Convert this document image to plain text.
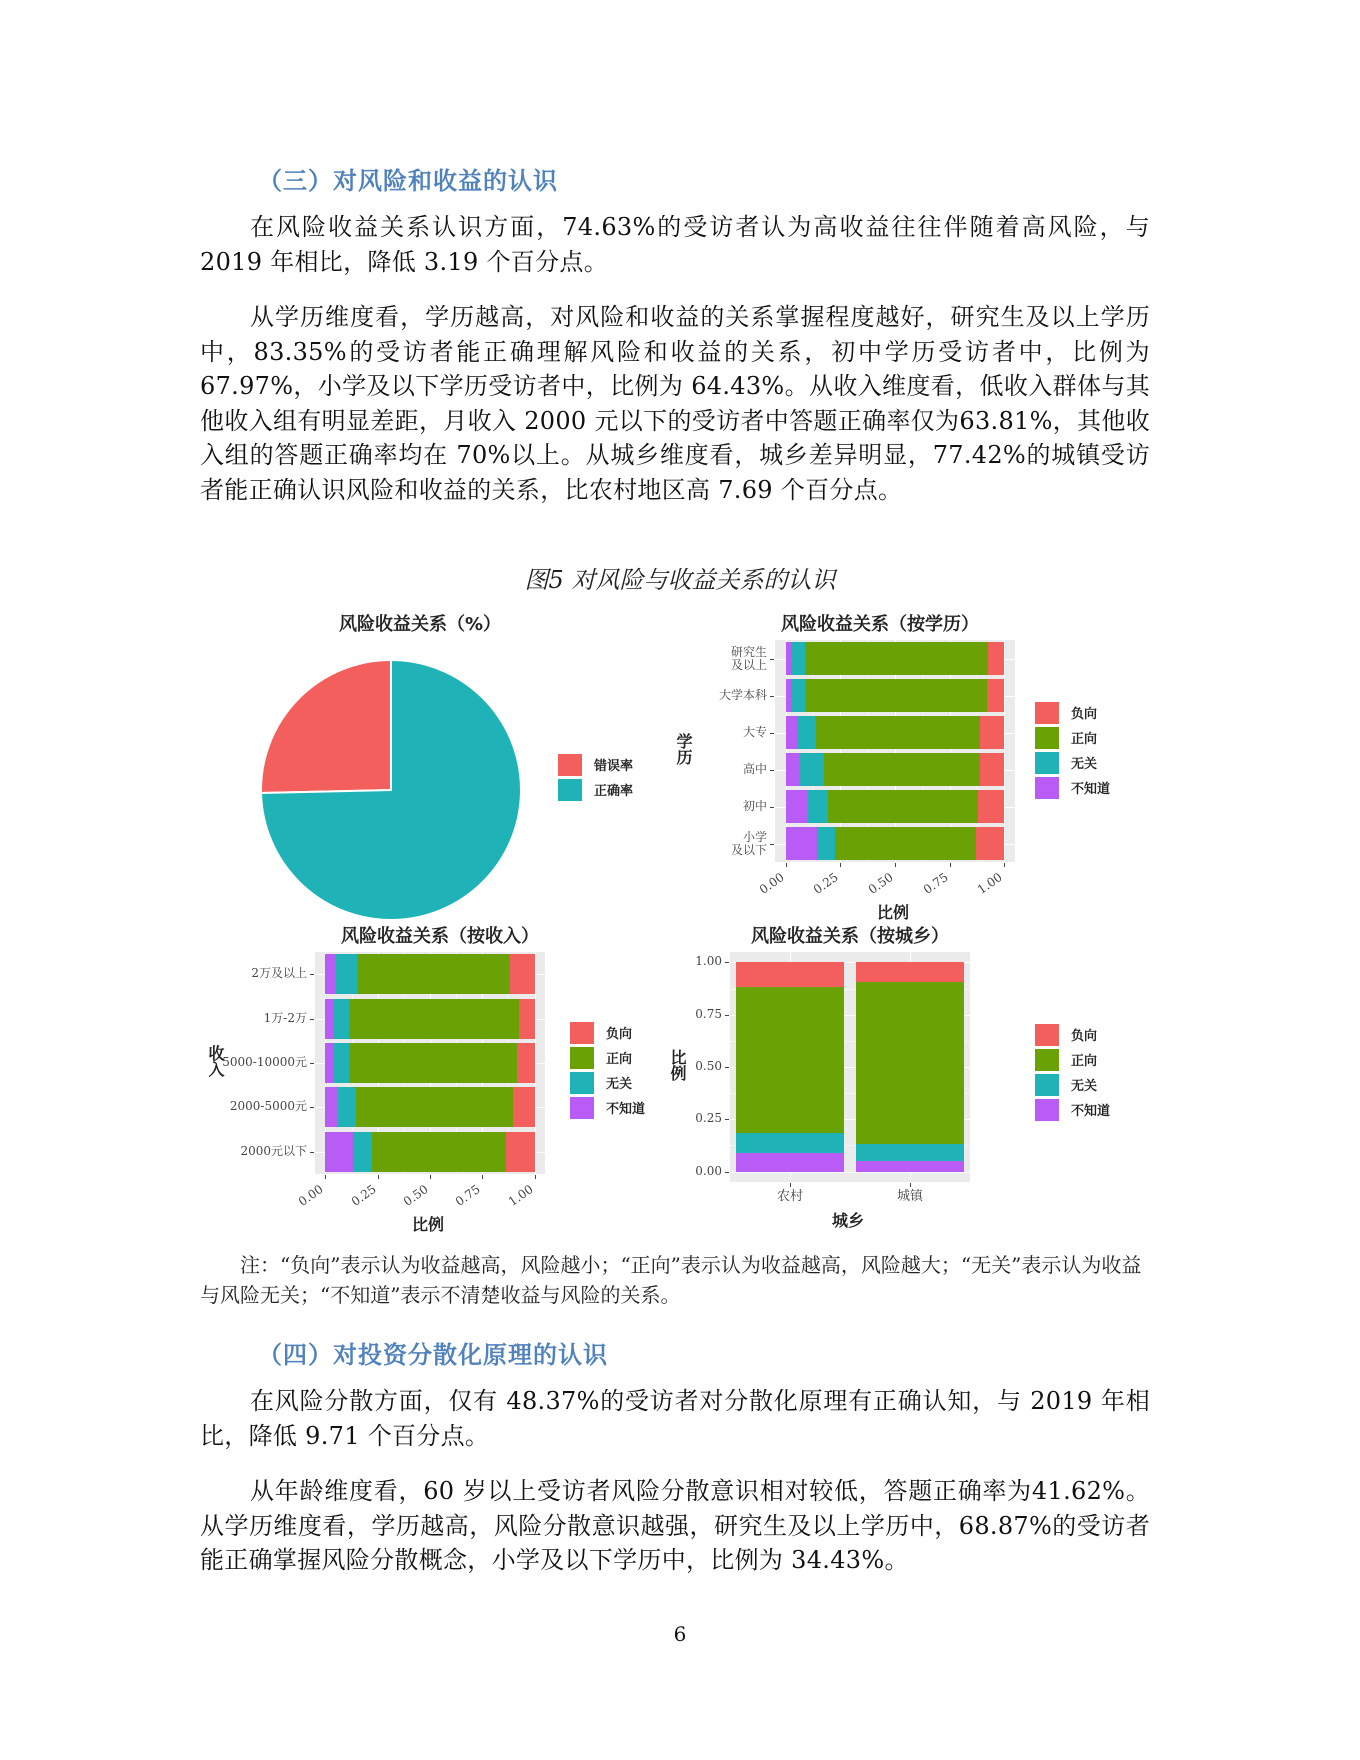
（三）对风险和收益的认识
在风险收益关系认识方面，74.63%的受访者认为高收益往往伴随着高风险，与 2019 年相比，降低 3.19 个百分点。
从学历维度看，学历越高，对风险和收益的关系掌握程度越好，研究生及以上学历中，83.35%的受访者能正确理解风险和收益的关系，初中学历受访者中，比例为 67.97%，小学及以下学历受访者中，比例为 64.43%。从收入维度看，低收入群体与其他收入组有明显差距，月收入 2000 元以下的受访者中答题正确率仅为63.81%，其他收入组的答题正确率均在 70%以上。从城乡维度看，城乡差异明显，77.42%的城镇受访者能正确认识风险和收益的关系，比农村地区高 7.69 个百分点。
图5 对风险与收益关系的认识
风险收益关系（%）
错误率
正确率
风险收益关系（按学历）
研究生
及以上
大学本科
大专
高中
初中
小学
及以下
0.00 0.25 0.50 0.75 1.00
比例
学历
负向
正向
无关
不知道
风险收益关系（按收入）
2万及以上
1万-2万
5000-10000元
2000-5000元
2000元以下
0.00 0.25 0.50 0.75 1.00
比例
收入
负向
正向
无关
不知道
风险收益关系（按城乡）
农村	城镇
0.00
0.25
0.50
0.75
1.00
城乡
比例
负向
正向
无关
不知道
注：“负向”表示认为收益越高，风险越小；“正向”表示认为收益越高，风险越大；“无关”表示认为收益与风险无关；“不知道”表示不清楚收益与风险的关系。
（四）对投资分散化原理的认识
在风险分散方面，仅有 48.37%的受访者对分散化原理有正确认知，与 2019 年相比，降低 9.71 个百分点。
从年龄维度看，60 岁以上受访者风险分散意识相对较低，答题正确率为41.62%。从学历维度看，学历越高，风险分散意识越强，研究生及以上学历中，68.87%的受访者能正确掌握风险分散概念，小学及以下学历中，比例为 34.43%。
6
